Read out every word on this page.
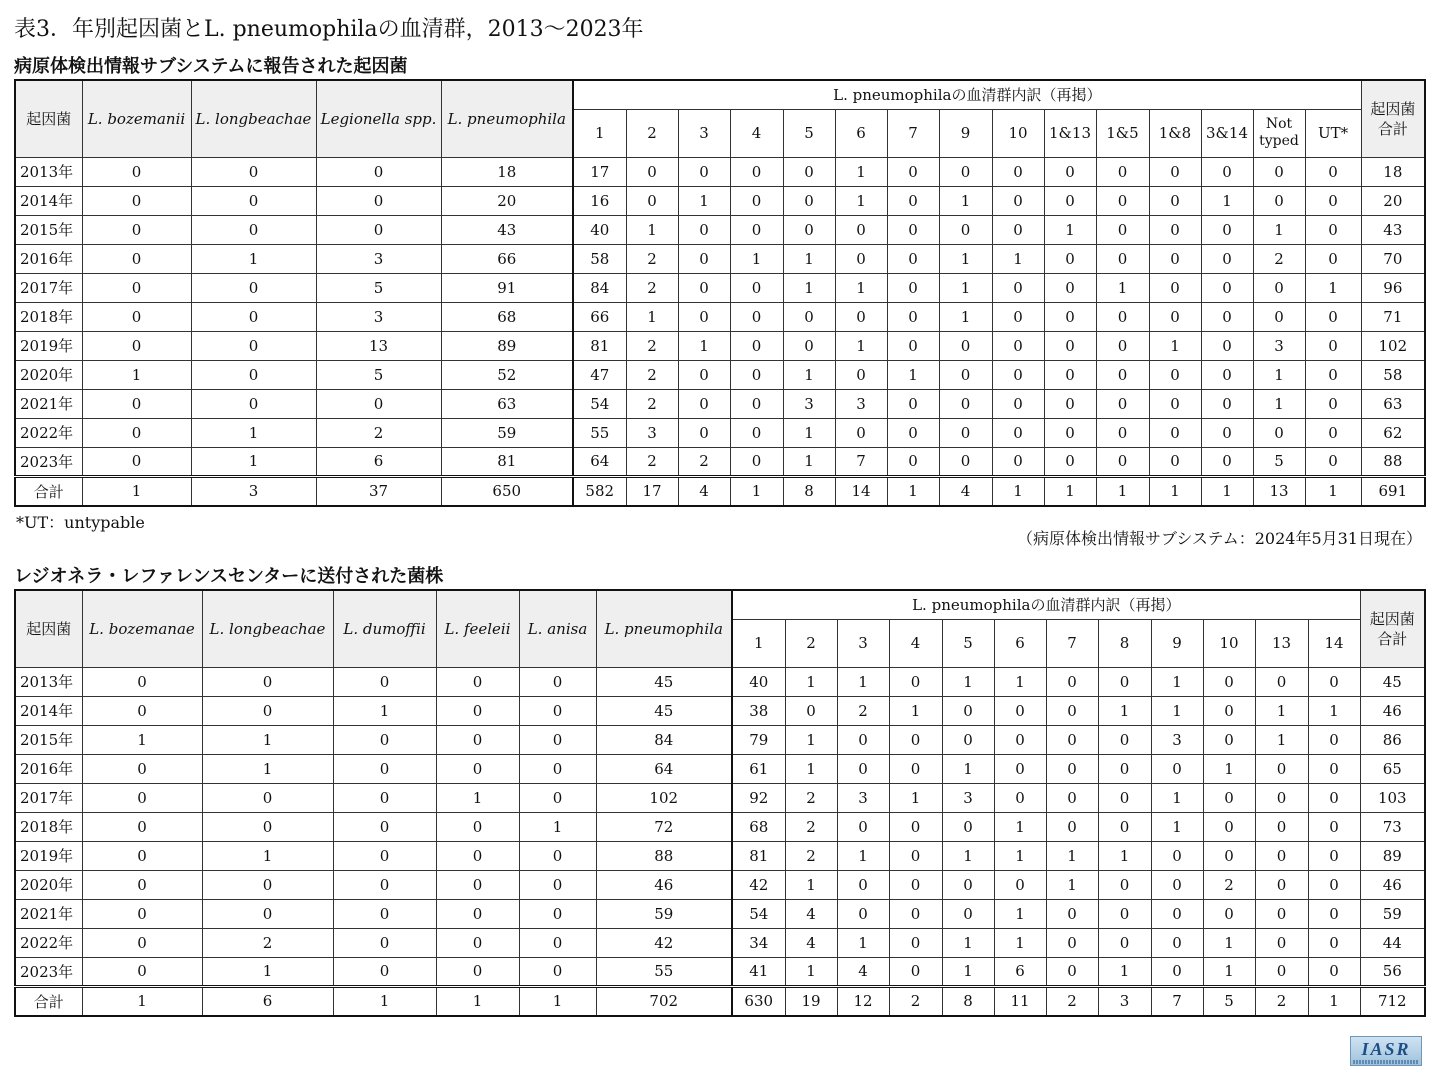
表3．年別起因菌とL. pneumophilaの血清群，2013〜2023年
病原体検出情報サブシステムに報告された起因菌
起因菌	L. bozemanii	L. longbeachae	Legionella spp.	L. pneumophila	L. pneumophilaの血清群内訳（再掲）															起因菌合計
					1	2	3	4	5	6	7	9	10	1&13	1&5	1&8	3&14	Not typed	UT*	
2013年	0	0	0	18	17	0	0	0	0	1	0	0	0	0	0	0	0	0	0	18
2014年	0	0	0	20	16	0	1	0	0	1	0	1	0	0	0	0	1	0	0	20
2015年	0	0	0	43	40	1	0	0	0	0	0	0	0	1	0	0	0	1	0	43
2016年	0	1	3	66	58	2	0	1	1	0	0	1	1	0	0	0	0	2	0	70
2017年	0	0	5	91	84	2	0	0	1	1	0	1	0	0	1	0	0	0	1	96
2018年	0	0	3	68	66	1	0	0	0	0	0	1	0	0	0	0	0	0	0	71
2019年	0	0	13	89	81	2	1	0	0	1	0	0	0	0	0	1	0	3	0	102
2020年	1	0	5	52	47	2	0	0	1	0	1	0	0	0	0	0	0	1	0	58
2021年	0	0	0	63	54	2	0	0	3	3	0	0	0	0	0	0	0	1	0	63
2022年	0	1	2	59	55	3	0	0	1	0	0	0	0	0	0	0	0	0	0	62
2023年	0	1	6	81	64	2	2	0	1	7	0	0	0	0	0	0	0	5	0	88
合計	1	3	37	650	582	17	4	1	8	14	1	4	1	1	1	1	1	13	1	691
*UT：untypable
（病原体検出情報サブシステム：2024年5月31日現在）
レジオネラ・レファレンスセンターに送付された菌株
起因菌	L. bozemanae	L. longbeachae	L. dumoffii	L. feeleii	L. anisa	L. pneumophila	L. pneumophilaの血清群内訳（再掲）												起因菌合計
							1	2	3	4	5	6	7	8	9	10	13	14	
2013年	0	0	0	0	0	45	40	1	1	0	1	1	0	0	1	0	0	0	45
2014年	0	0	1	0	0	45	38	0	2	1	0	0	0	1	1	0	1	1	46
2015年	1	1	0	0	0	84	79	1	0	0	0	0	0	0	3	0	1	0	86
2016年	0	1	0	0	0	64	61	1	0	0	1	0	0	0	0	1	0	0	65
2017年	0	0	0	1	0	102	92	2	3	1	3	0	0	0	1	0	0	0	103
2018年	0	0	0	0	1	72	68	2	0	0	0	1	0	0	1	0	0	0	73
2019年	0	1	0	0	0	88	81	2	1	0	1	1	1	1	0	0	0	0	89
2020年	0	0	0	0	0	46	42	1	0	0	0	0	1	0	0	2	0	0	46
2021年	0	0	0	0	0	59	54	4	0	0	0	1	0	0	0	0	0	0	59
2022年	0	2	0	0	0	42	34	4	1	0	1	1	0	0	0	1	0	0	44
2023年	0	1	0	0	0	55	41	1	4	0	1	6	0	1	0	1	0	0	56
合計	1	6	1	1	1	702	630	19	12	2	8	11	2	3	7	5	2	1	712
IASR
